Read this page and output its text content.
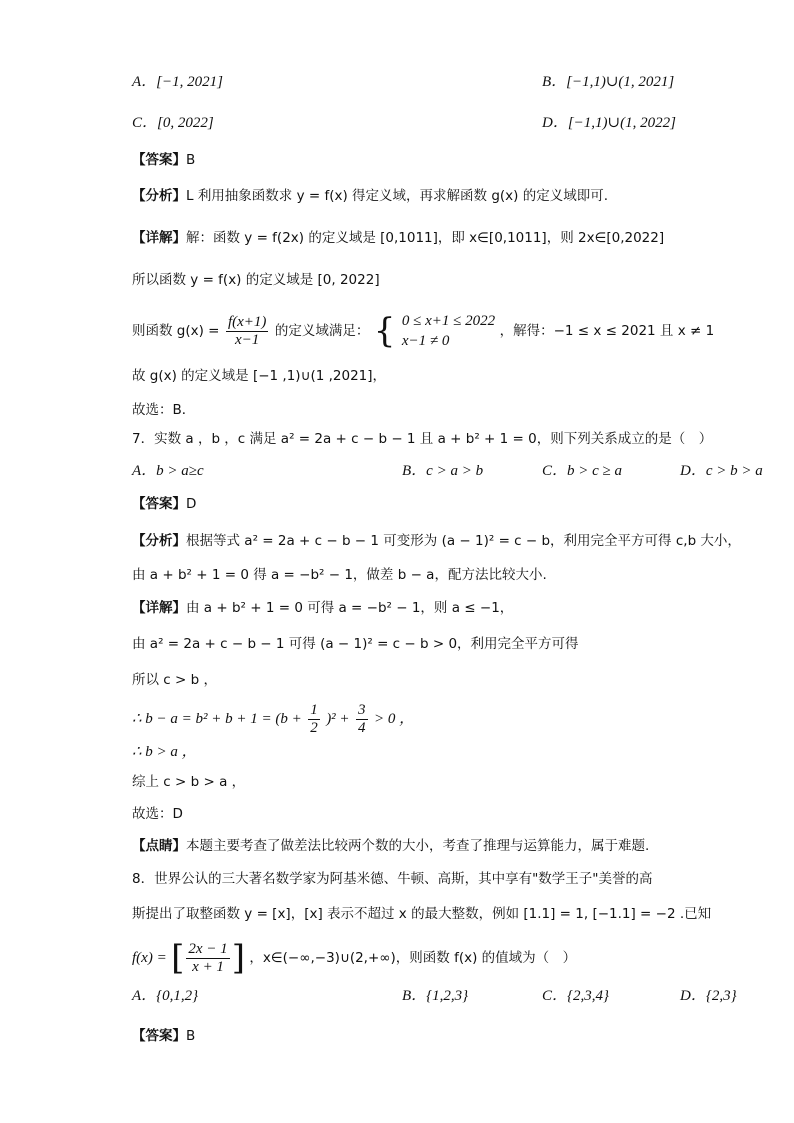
A．[−1, 2021]	B．[−1,1)∪(1, 2021]
C．[0, 2022]	D．[−1,1)∪(1, 2022]
【答案】B
【分析】L 利用抽象函数求 y = f(x) 得定义域，再求解函数 g(x) 的定义域即可.
【详解】解：函数 y = f(2x) 的定义域是 [0,1011]，即 x∈[0,1011]，则 2x∈[0,2022]
所以函数 y = f(x) 的定义域是 [0, 2022]
则函数 $g(x) = \frac{f(x+1)}{x-1}$ 的定义域满足： { 0 ≤ x+1 ≤ 2022
x−1 ≠ 0
，解得：−1 ≤ x ≤ 2021 且 x ≠ 1
故 g(x) 的定义域是 [−1 ,1)∪(1 ,2021]，
故选：B．
7．实数 a ，b ，c 满足 a² = 2a + c − b − 1 且 a + b² + 1 = 0，则下列关系成立的是（　）
A．b > a≥c	B．c > a > b	C．b > c ≥ a	D．c > b > a
【答案】D
【分析】根据等式 a² = 2a + c − b − 1 可变形为 (a − 1)² = c − b，利用完全平方可得 c,b 大小，
由 a + b² + 1 = 0 得 a = −b² − 1，做差 b − a，配方法比较大小.
【详解】由 a + b² + 1 = 0 可得 a = −b² − 1，则 a ≤ −1，
由 a² = 2a + c − b − 1 可得 (a − 1)² = c − b > 0，利用完全平方可得
所以 c > b ，
∴ $b - a = b^2 + b + 1 = (b + \frac{1}{2} )^2 + \frac{3}{4} > 0$ ，
∴ b > a ，
综上 c > b > a ，
故选：D
【点睛】本题主要考查了做差法比较两个数的大小，考查了推理与运算能力，属于难题.
8．世界公认的三大著名数学家为阿基米德、牛顿、高斯，其中享有"数学王子"美誉的高
斯提出了取整函数 y = [x]，[x] 表示不超过 x 的最大整数，例如 [1.1] = 1, [−1.1] = −2 .已知
f(x) = [ $\frac{2x - 1}{x + 1}$ ] ，x∈(−∞,−3)∪(2,+∞)，则函数 f(x) 的值域为（　）
A．{0,1,2}	B．{1,2,3}	C．{2,3,4}	D．{2,3}
【答案】B
